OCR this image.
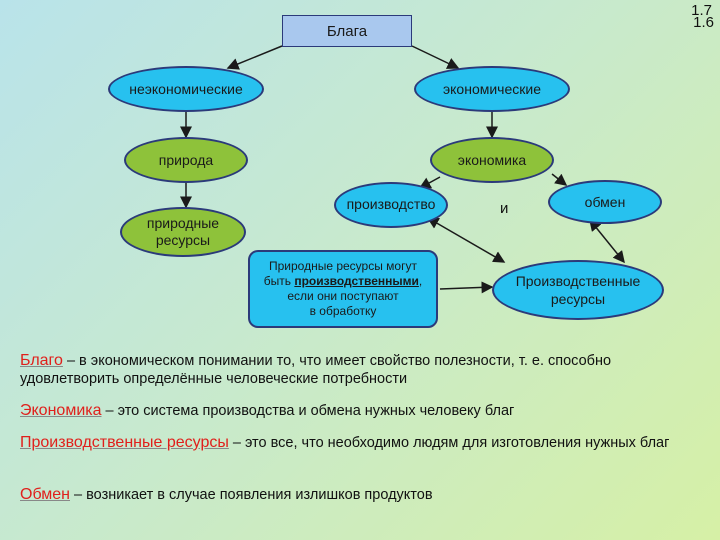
1.7
1.6
Блага
неэкономические	экономические
природа	экономика
природные ресурсы
производство	и	обмен
Природные ресурсы могут
быть производственными,
если они поступают
в обработку
Производственные ресурсы
Благо – в экономическом понимании то, что имеет свойство полезности, т. е. способно удовлетворить определённые человеческие потребности
Экономика – это система производства и обмена нужных человеку благ
Производственные ресурсы – это все, что необходимо людям для изготовления нужных благ
Обмен – возникает в случае появления излишков продуктов
